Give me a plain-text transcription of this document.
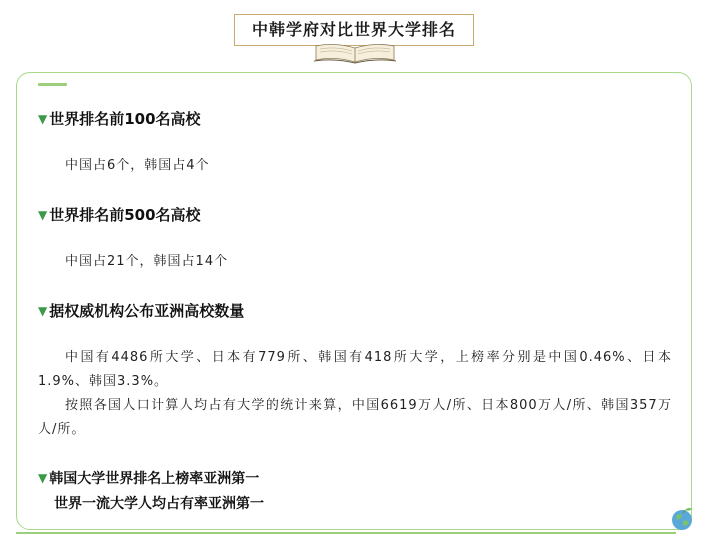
中韩学府对比世界大学排名
▼ 世界排名前100名高校
中国占6个，韩国占4个
▼ 世界排名前500名高校
中国占21个，韩国占14个
▼ 据权威机构公布亚洲高校数量

中国有4486所大学、日本有779所、韩国有418所大学，上榜率分别是中国0.46%、日本1.9%、韩国3.3%。

按照各国人口计算人均占有大学的统计来算，中国6619万人/所、日本800万人/所、韩国357万人/所。

▼ 韩国大学世界排名上榜率亚洲第一
世界一流大学人均占有率亚洲第一
